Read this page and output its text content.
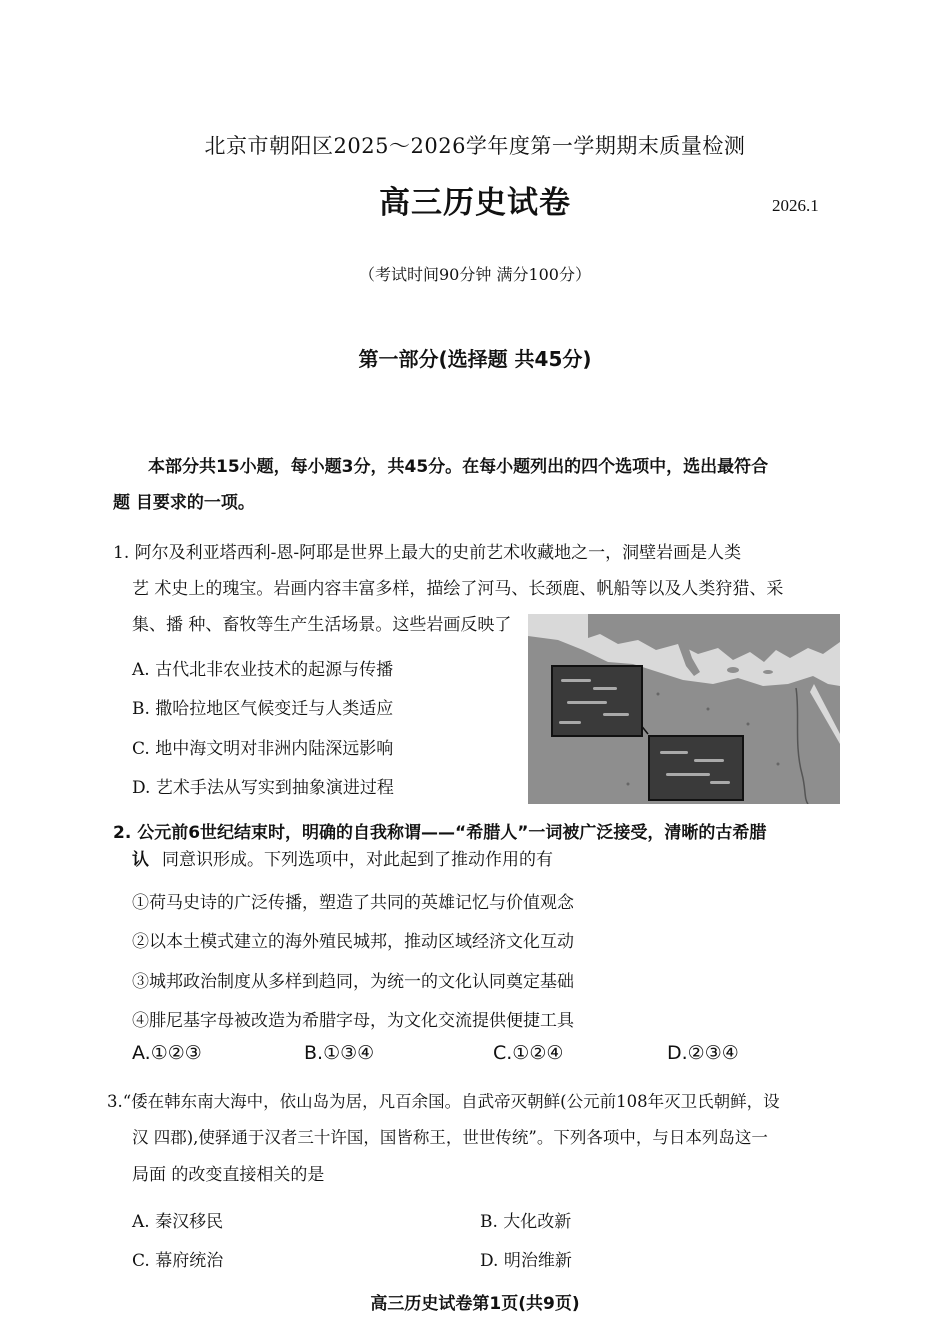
北京市朝阳区2025～2026学年度第一学期期末质量检测
高三历史试卷	2026.1
（考试时间90分钟 满分100分）
第一部分(选择题 共45分)
本部分共15小题，每小题3分，共45分。在每小题列出的四个选项中，选出最符合
题 目要求的一项。
1. 阿尔及利亚塔西利-恩-阿耶是世界上最大的史前艺术收藏地之一，洞壁岩画是人类
艺 术史上的瑰宝。岩画内容丰富多样，描绘了河马、长颈鹿、帆船等以及人类狩猎、采
集、播 种、畜牧等生产生活场景。这些岩画反映了
A. 古代北非农业技术的起源与传播
B. 撒哈拉地区气候变迁与人类适应
C. 地中海文明对非洲内陆深远影响
D. 艺术手法从写实到抽象演进过程
2. 公元前6世纪结束时，明确的自我称谓——“希腊人”一词被广泛接受，清晰的古希腊
认 同意识形成。下列选项中，对此起到了推动作用的有
①荷马史诗的广泛传播，塑造了共同的英雄记忆与价值观念
②以本土模式建立的海外殖民城邦，推动区域经济文化互动
③城邦政治制度从多样到趋同，为统一的文化认同奠定基础
④腓尼基字母被改造为希腊字母，为文化交流提供便捷工具
A.①②③	B.①③④	C.①②④	D.②③④
3.“倭在韩东南大海中，依山岛为居，凡百余国。自武帝灭朝鲜(公元前108年灭卫氏朝鲜，设
汉 四郡),使驿通于汉者三十许国，国皆称王，世世传统”。下列各项中，与日本列岛这一
局面 的改变直接相关的是
A. 秦汉移民	B. 大化改新
C. 幕府统治	D. 明治维新
高三历史试卷第1页(共9页)
